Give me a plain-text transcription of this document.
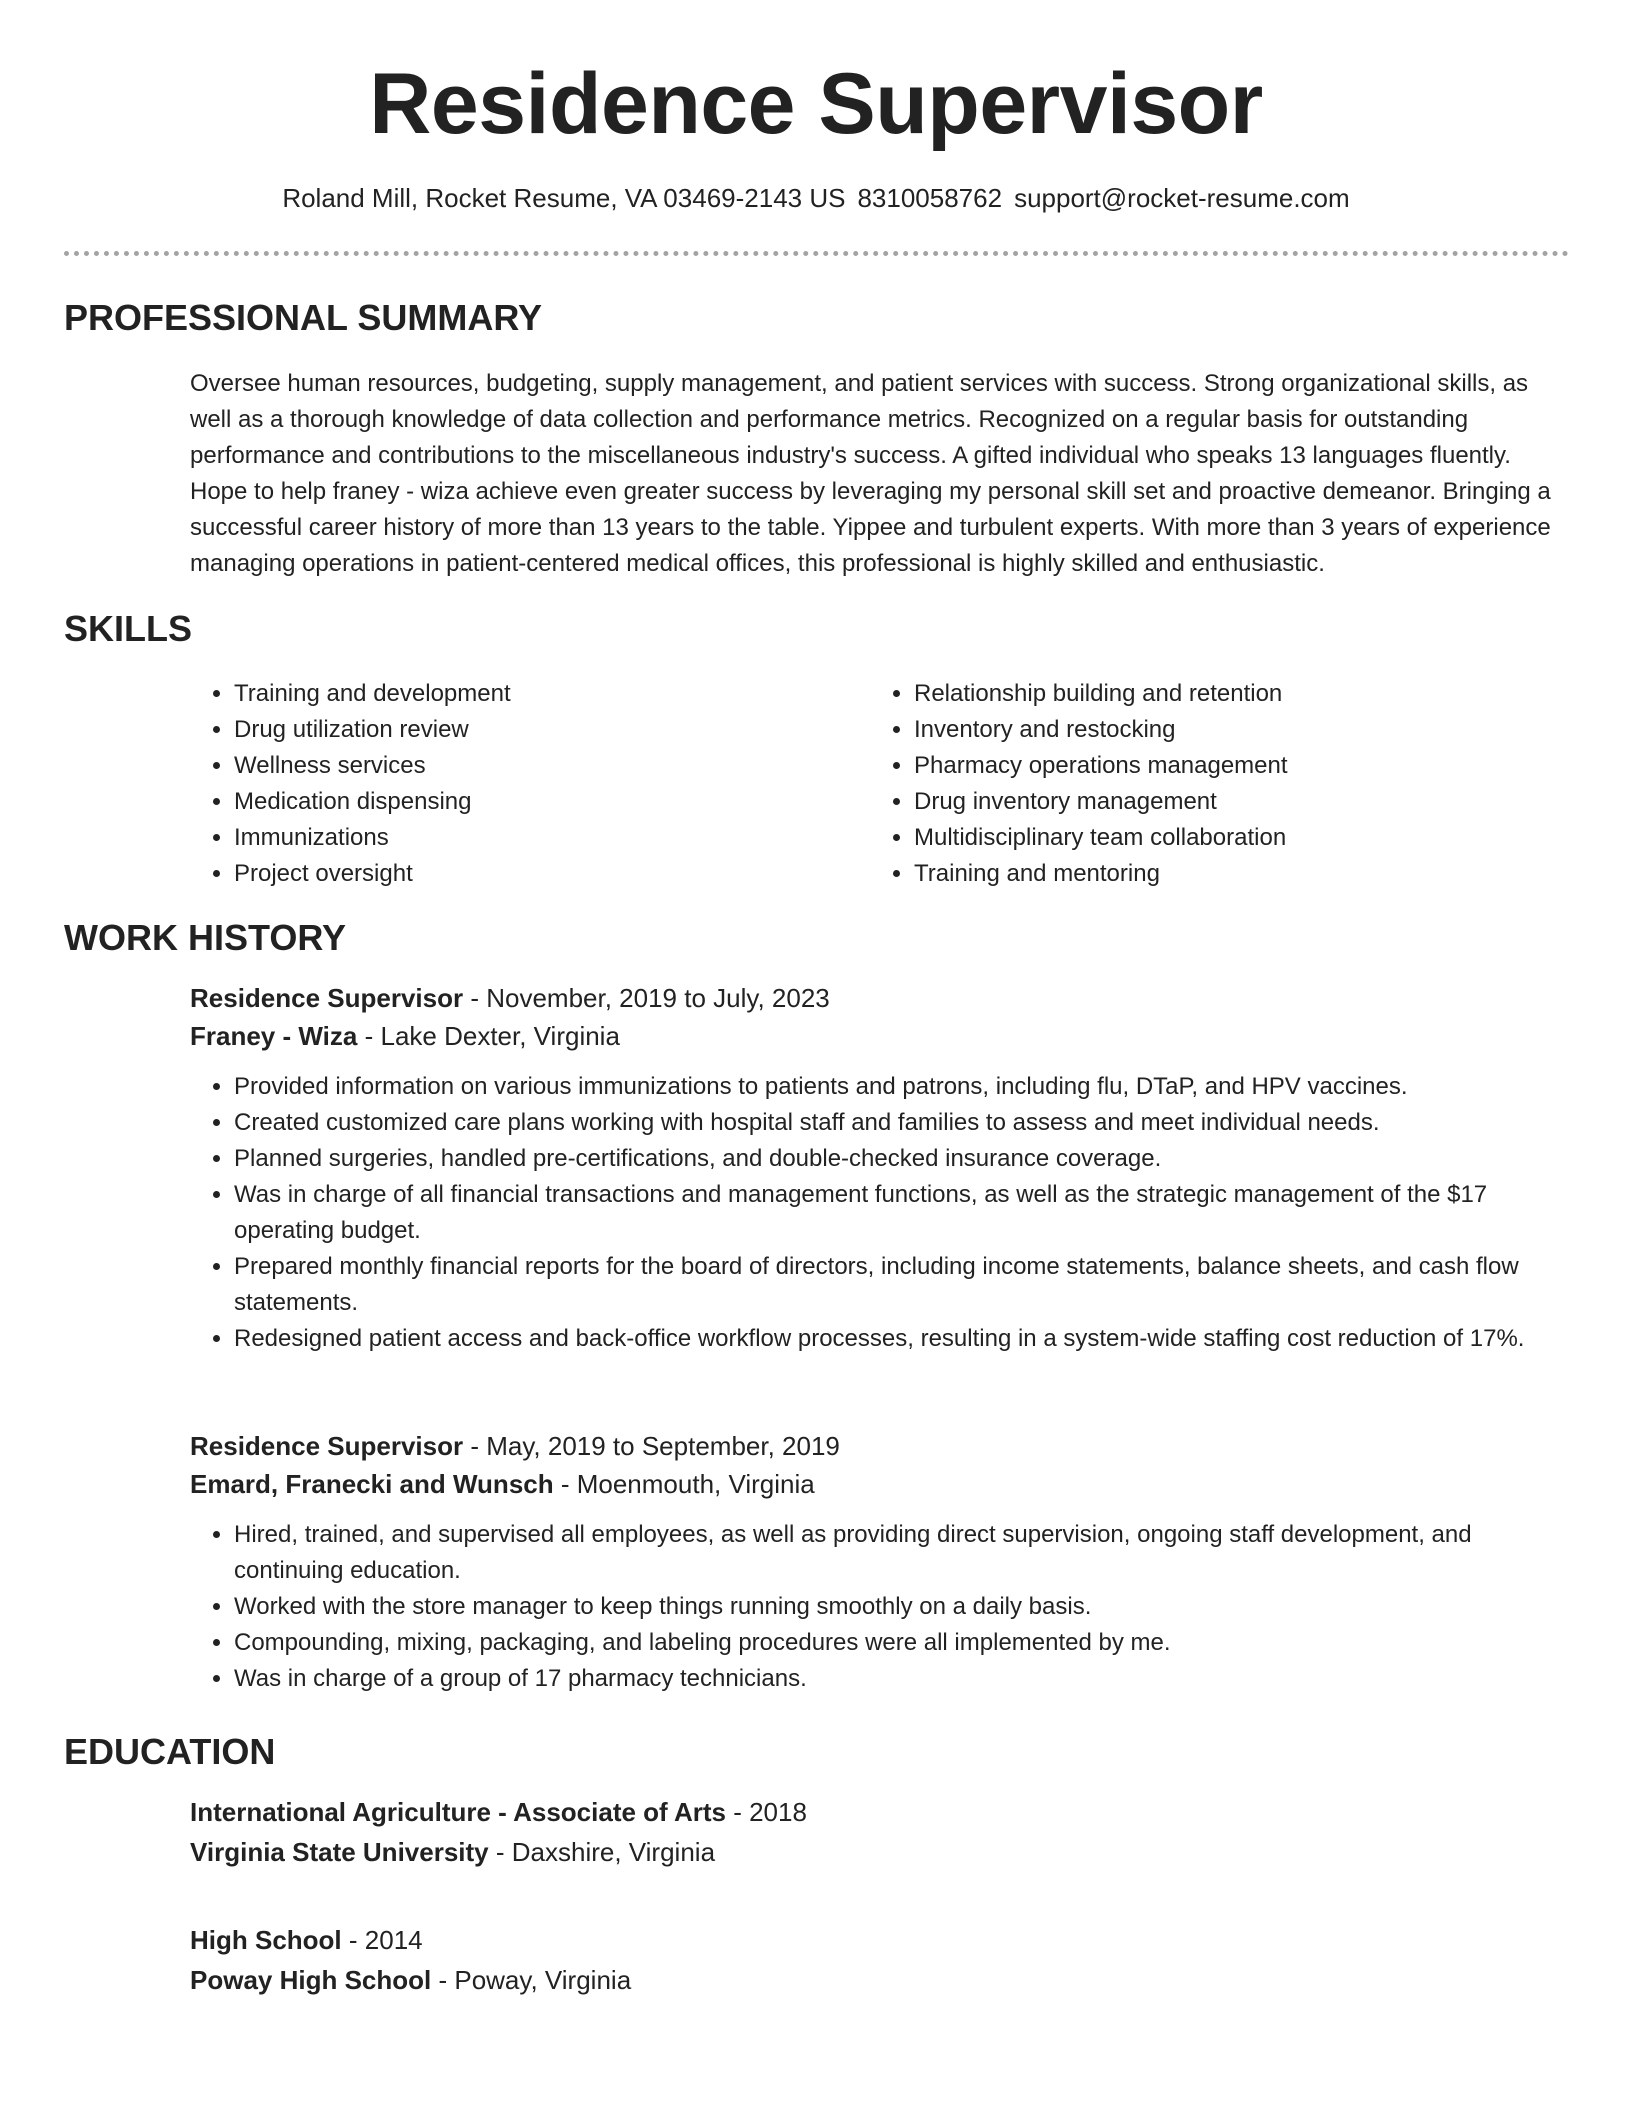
Residence Supervisor
Roland Mill, Rocket Resume, VA 03469-2143 US 8310058762 support@rocket-resume.com
PROFESSIONAL SUMMARY

Oversee human resources, budgeting, supply management, and patient services with success. Strong organizational skills, as well as a thorough knowledge of data collection and performance metrics. Recognized on a regular basis for outstanding performance and contributions to the miscellaneous industry's success. A gifted individual who speaks 13 languages fluently. Hope to help franey - wiza achieve even greater success by leveraging my personal skill set and proactive demeanor. Bringing a successful career history of more than 13 years to the table. Yippee and turbulent experts. With more than 3 years of experience managing operations in patient-centered medical offices, this professional is highly skilled and enthusiastic.

SKILLS
• Training and development
• Drug utilization review
• Wellness services
• Medication dispensing
• Immunizations
• Project oversight
• Relationship building and retention
• Inventory and restocking
• Pharmacy operations management
• Drug inventory management
• Multidisciplinary team collaboration
• Training and mentoring
WORK HISTORY
Residence Supervisor - November, 2019 to July, 2023
Franey - Wiza - Lake Dexter, Virginia
• Provided information on various immunizations to patients and patrons, including flu, DTaP, and HPV vaccines.
• Created customized care plans working with hospital staff and families to assess and meet individual needs.
• Planned surgeries, handled pre-certifications, and double-checked insurance coverage.
• Was in charge of all financial transactions and management functions, as well as the strategic management of the $17 operating budget.
• Prepared monthly financial reports for the board of directors, including income statements, balance sheets, and cash flow statements.
• Redesigned patient access and back-office workflow processes, resulting in a system-wide staffing cost reduction of 17%.
Residence Supervisor - May, 2019 to September, 2019
Emard, Franecki and Wunsch - Moenmouth, Virginia
• Hired, trained, and supervised all employees, as well as providing direct supervision, ongoing staff development, and continuing education.
• Worked with the store manager to keep things running smoothly on a daily basis.
• Compounding, mixing, packaging, and labeling procedures were all implemented by me.
• Was in charge of a group of 17 pharmacy technicians.
EDUCATION
International Agriculture - Associate of Arts - 2018
Virginia State University - Daxshire, Virginia
High School - 2014
Poway High School - Poway, Virginia
